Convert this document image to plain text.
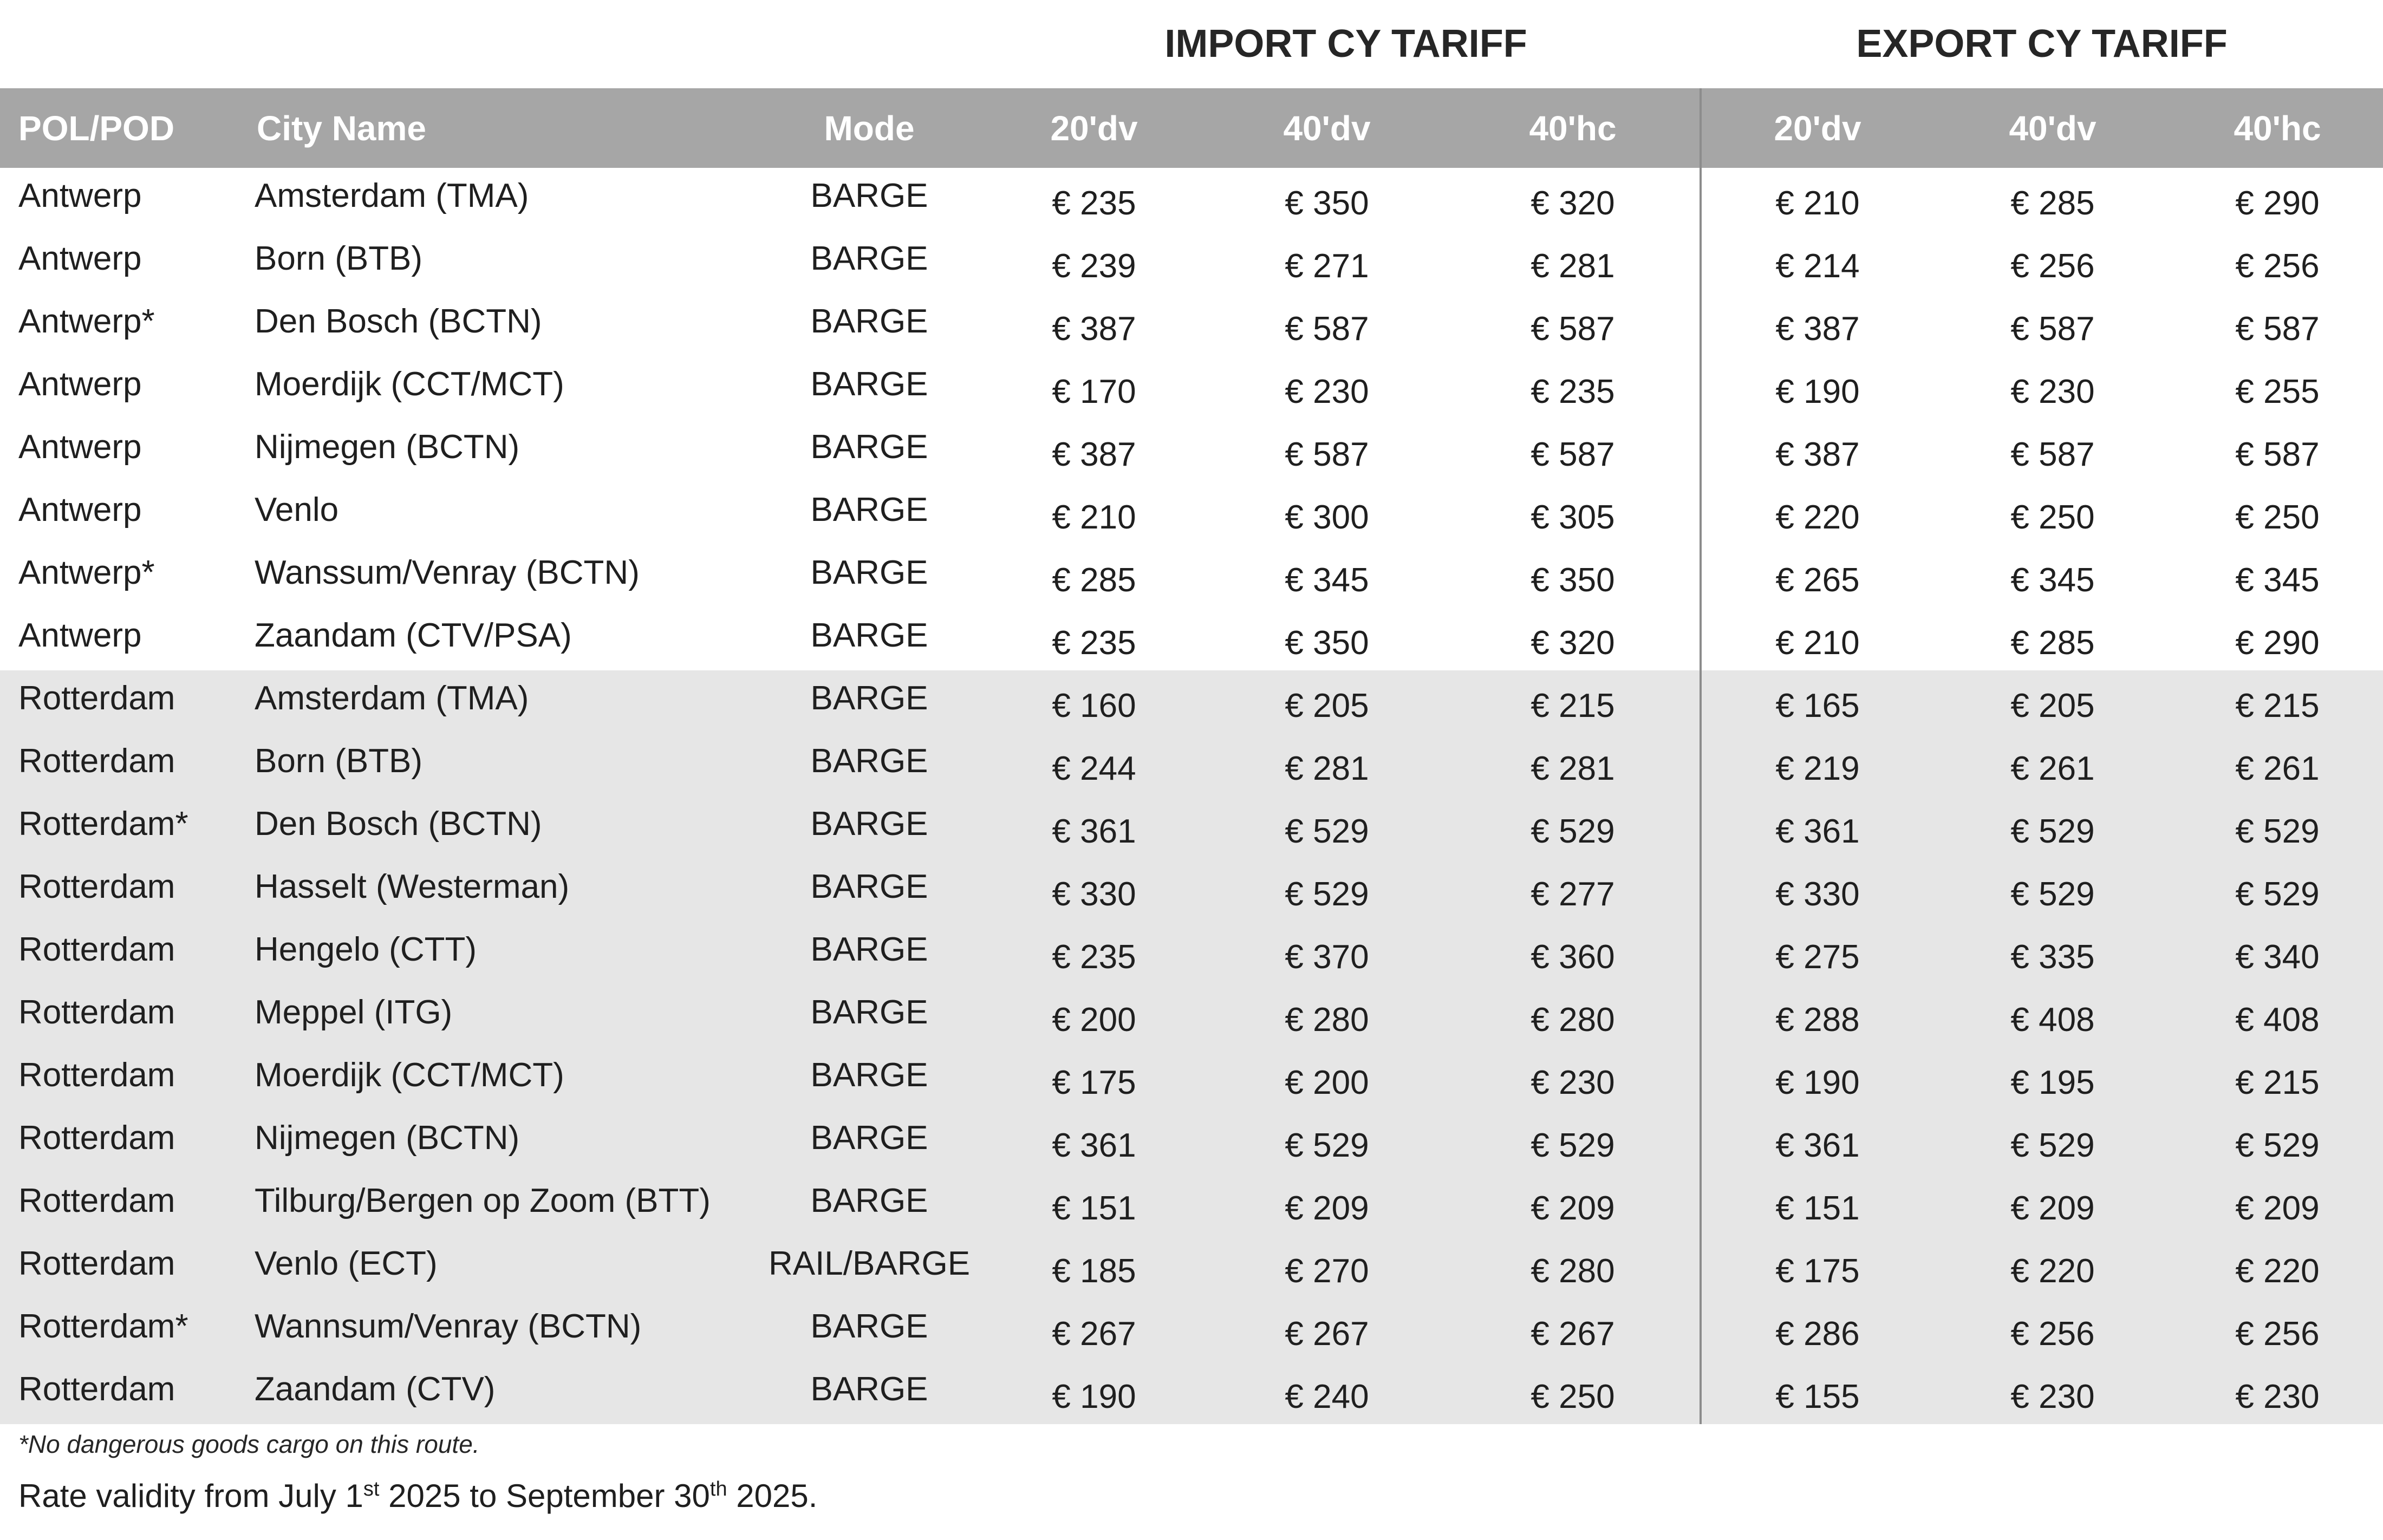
IMPORT CY TARIFF	EXPORT CY TARIFF
POL/POD	City Name	Mode	20'dv	40'dv	40'hc	20'dv	40'dv	40'hc
Antwerp	Amsterdam (TMA)	BARGE	€ 235	€ 350	€ 320	€ 210	€ 285	€ 290
Antwerp	Born (BTB)	BARGE	€ 239	€ 271	€ 281	€ 214	€ 256	€ 256
Antwerp*	Den Bosch (BCTN)	BARGE	€ 387	€ 587	€ 587	€ 387	€ 587	€ 587
Antwerp	Moerdijk (CCT/MCT)	BARGE	€ 170	€ 230	€ 235	€ 190	€ 230	€ 255
Antwerp	Nijmegen (BCTN)	BARGE	€ 387	€ 587	€ 587	€ 387	€ 587	€ 587
Antwerp	Venlo	BARGE	€ 210	€ 300	€ 305	€ 220	€ 250	€ 250
Antwerp*	Wanssum/Venray (BCTN)	BARGE	€ 285	€ 345	€ 350	€ 265	€ 345	€ 345
Antwerp	Zaandam (CTV/PSA)	BARGE	€ 235	€ 350	€ 320	€ 210	€ 285	€ 290
Rotterdam	Amsterdam (TMA)	BARGE	€ 160	€ 205	€ 215	€ 165	€ 205	€ 215
Rotterdam	Born (BTB)	BARGE	€ 244	€ 281	€ 281	€ 219	€ 261	€ 261
Rotterdam*	Den Bosch (BCTN)	BARGE	€ 361	€ 529	€ 529	€ 361	€ 529	€ 529
Rotterdam	Hasselt (Westerman)	BARGE	€ 330	€ 529	€ 277	€ 330	€ 529	€ 529
Rotterdam	Hengelo (CTT)	BARGE	€ 235	€ 370	€ 360	€ 275	€ 335	€ 340
Rotterdam	Meppel (ITG)	BARGE	€ 200	€ 280	€ 280	€ 288	€ 408	€ 408
Rotterdam	Moerdijk (CCT/MCT)	BARGE	€ 175	€ 200	€ 230	€ 190	€ 195	€ 215
Rotterdam	Nijmegen (BCTN)	BARGE	€ 361	€ 529	€ 529	€ 361	€ 529	€ 529
Rotterdam	Tilburg/Bergen op Zoom (BTT)	BARGE	€ 151	€ 209	€ 209	€ 151	€ 209	€ 209
Rotterdam	Venlo (ECT)	RAIL/BARGE	€ 185	€ 270	€ 280	€ 175	€ 220	€ 220
Rotterdam*	Wannsum/Venray (BCTN)	BARGE	€ 267	€ 267	€ 267	€ 286	€ 256	€ 256
Rotterdam	Zaandam (CTV)	BARGE	€ 190	€ 240	€ 250	€ 155	€ 230	€ 230
*No dangerous goods cargo on this route.
Rate validity from July 1st 2025 to September 30th 2025.
